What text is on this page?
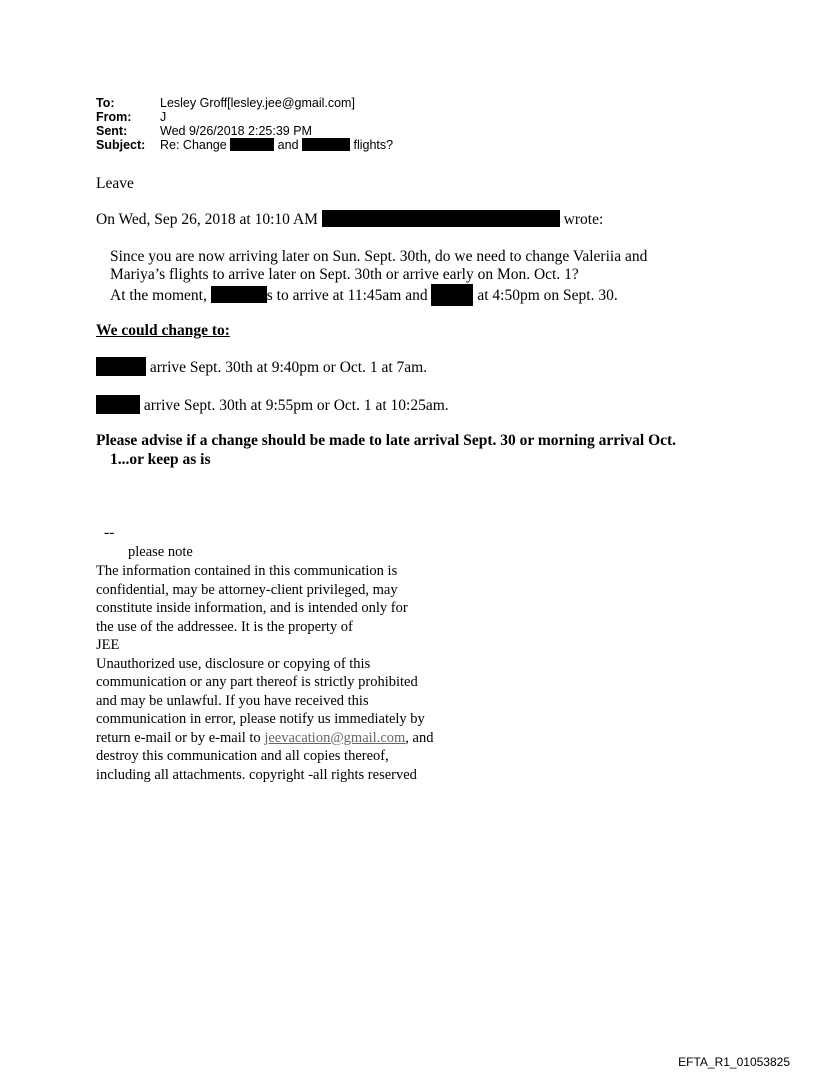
To:	Lesley Groff[lesley.jee@gmail.com]
From:	J
Sent:	Wed 9/26/2018 2:25:39 PM
Subject:	Re: Change	and	flights?
Leave
On Wed, Sep 26, 2018 at 10:10 AM	wrote:
Since you are now arriving later on Sun. Sept. 30th, do we need to change Valeriia and
Mariya’s flights to arrive later on Sept. 30th or arrive early on Mon. Oct. 1?
At the moment,	s to arrive at 11:45am and	at 4:50pm on Sept. 30.
We could change to:
arrive Sept. 30th at 9:40pm or Oct. 1 at 7am.
arrive Sept. 30th at 9:55pm or Oct. 1 at 10:25am.
Please advise if a change should be made to late arrival Sept. 30 or morning arrival Oct.
1...or keep as is
--
please note
The information contained in this communication is
confidential, may be attorney-client privileged, may
constitute inside information, and is intended only for
the use of the addressee. It is the property of
JEE
Unauthorized use, disclosure or copying of this
communication or any part thereof is strictly prohibited
and may be unlawful. If you have received this
communication in error, please notify us immediately by
return e-mail or by e-mail to jeevacation@gmail.com, and
destroy this communication and all copies thereof,
including all attachments. copyright -all rights reserved
EFTA_R1_01053825
